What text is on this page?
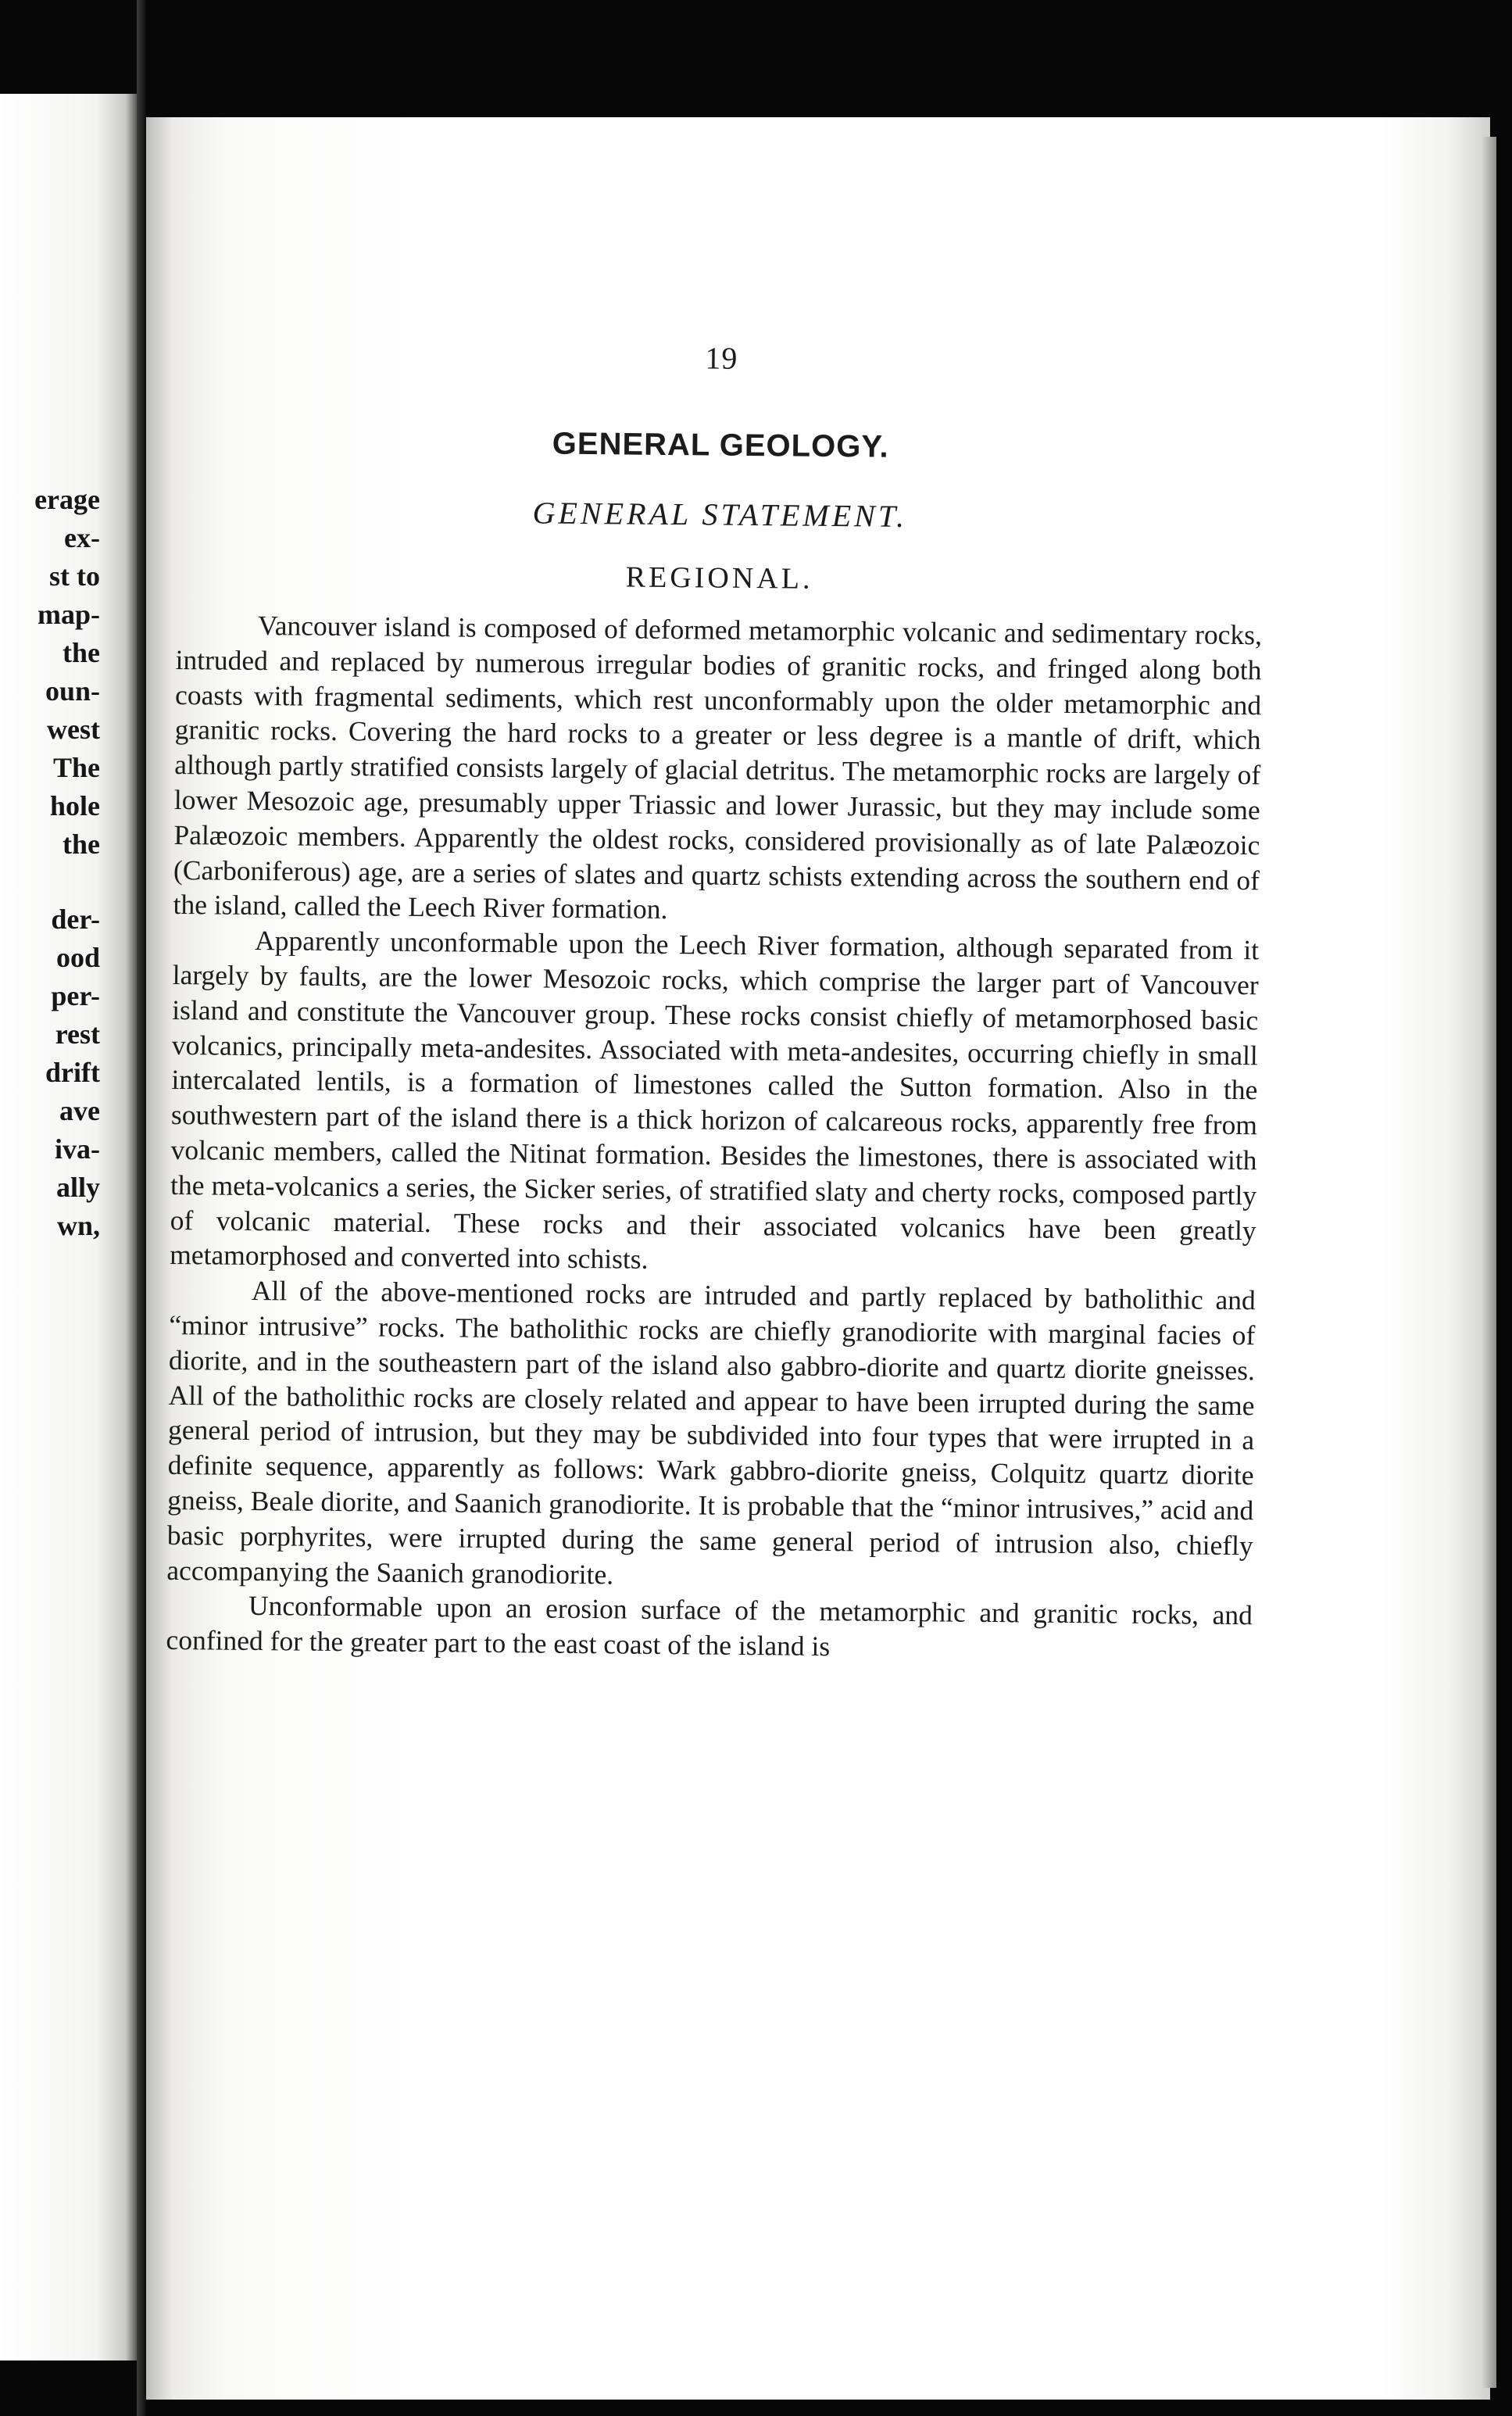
erage
ex-
st to
map-
the
oun-
west
The
hole
the
der-
ood
per-
rest
drift
ave
iva-
ally
wn,
19
GENERAL GEOLOGY.
GENERAL STATEMENT.
REGIONAL.

Vancouver island is composed of deformed metamorphic volcanic and sedimentary rocks, intruded and replaced by numerous irregular bodies of granitic rocks, and fringed along both coasts with fragmental sediments, which rest unconformably upon the older metamorphic and granitic rocks. Covering the hard rocks to a greater or less degree is a mantle of drift, which although partly stratified consists largely of glacial detritus. The metamorphic rocks are largely of lower Mesozoic age, presumably upper Triassic and lower Jurassic, but they may include some Palæozoic members. Apparently the oldest rocks, considered provisionally as of late Palæozoic (Carboniferous) age, are a series of slates and quartz schists extending across the southern end of the island, called the Leech River formation.

Apparently unconformable upon the Leech River formation, although separated from it largely by faults, are the lower Mesozoic rocks, which comprise the larger part of Vancouver island and constitute the Vancouver group. These rocks consist chiefly of metamorphosed basic volcanics, principally meta-andesites. Associated with meta-andesites, occurring chiefly in small intercalated lentils, is a formation of limestones called the Sutton formation. Also in the southwestern part of the island there is a thick horizon of calcareous rocks, apparently free from volcanic members, called the Nitinat formation. Besides the limestones, there is associated with the meta-volcanics a series, the Sicker series, of stratified slaty and cherty rocks, composed partly of volcanic material. These rocks and their associated volcanics have been greatly metamorphosed and converted into schists.

All of the above-mentioned rocks are intruded and partly replaced by batholithic and “minor intrusive” rocks. The batholithic rocks are chiefly granodiorite with marginal facies of diorite, and in the southeastern part of the island also gabbro-diorite and quartz diorite gneisses. All of the batholithic rocks are closely related and appear to have been irrupted during the same general period of intrusion, but they may be subdivided into four types that were irrupted in a definite sequence, apparently as follows: Wark gabbro-diorite gneiss, Colquitz quartz diorite gneiss, Beale diorite, and Saanich granodiorite. It is probable that the “minor intrusives,” acid and basic porphyrites, were irrupted during the same general period of intrusion also, chiefly accompanying the Saanich granodiorite.

Unconformable upon an erosion surface of the metamorphic and granitic rocks, and confined for the greater part to the east coast of the island is
